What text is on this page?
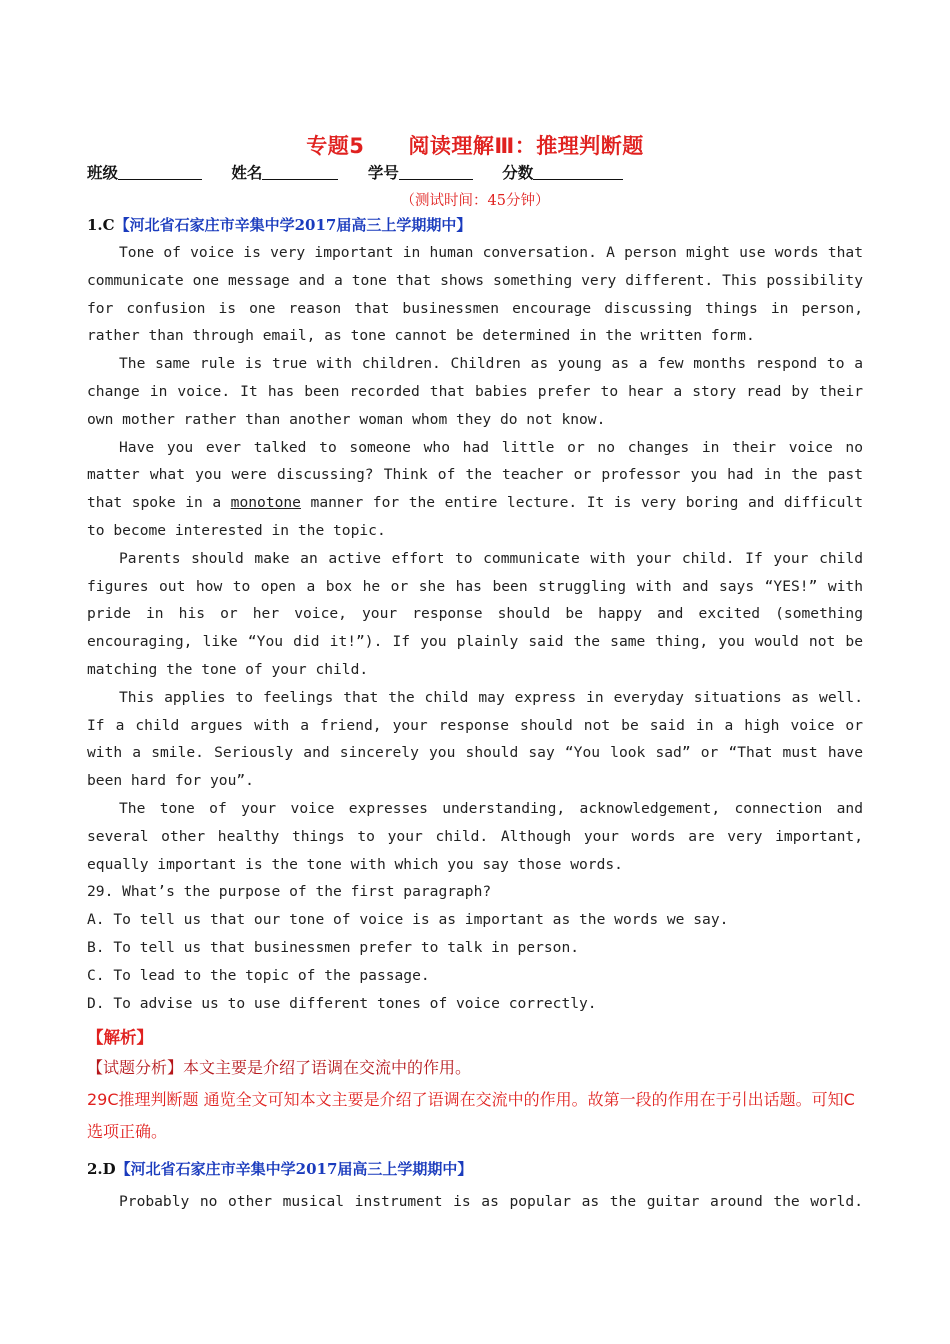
专题5 阅读理解Ⅲ：推理判断题
班级	姓名	学号	分数
（测试时间：45分钟）
1.C【河北省石家庄市辛集中学2017届高三上学期期中】

Tone of voice is very important in human conversation. A person might use words that communicate one message and a tone that shows something very different. This possibility for confusion is one reason that businessmen encourage discussing things in person, rather than through email, as tone cannot be determined in the written form.

The same rule is true with children. Children as young as a few months respond to a change in voice. It has been recorded that babies prefer to hear a story read by their own mother rather than another woman whom they do not know.

Have you ever talked to someone who had little or no changes in their voice no matter what you were discussing? Think of the teacher or professor you had in the past that spoke in a monotone manner for the entire lecture. It is very boring and difficult to become interested in the topic.

Parents should make an active effort to communicate with your child. If your child figures out how to open a box he or she has been struggling with and says “YES!” with pride in his or her voice, your response should be happy and excited (something encouraging, like “You did it!”). If you plainly said the same thing, you would not be matching the tone of your child.

This applies to feelings that the child may express in everyday situations as well. If a child argues with a friend, your response should not be said in a high voice or with a smile. Seriously and sincerely you should say “You look sad” or “That must have been hard for you”.

The tone of your voice expresses understanding, acknowledgement, connection and several other healthy things to your child. Although your words are very important, equally important is the tone with which you say those words.

29. What’s the purpose of the first paragraph?

A. To tell us that our tone of voice is as important as the words we say.

B. To tell us that businessmen prefer to talk in person.

C. To lead to the topic of the passage.

D. To advise us to use different tones of voice correctly.

【解析】

【试题分析】本文主要是介绍了语调在交流中的作用。

29C推理判断题 通览全文可知本文主要是介绍了语调在交流中的作用。故第一段的作用在于引出话题。可知C选项正确。

2.D【河北省石家庄市辛集中学2017届高三上学期期中】

Probably no other musical instrument is as popular as the guitar around the world.
